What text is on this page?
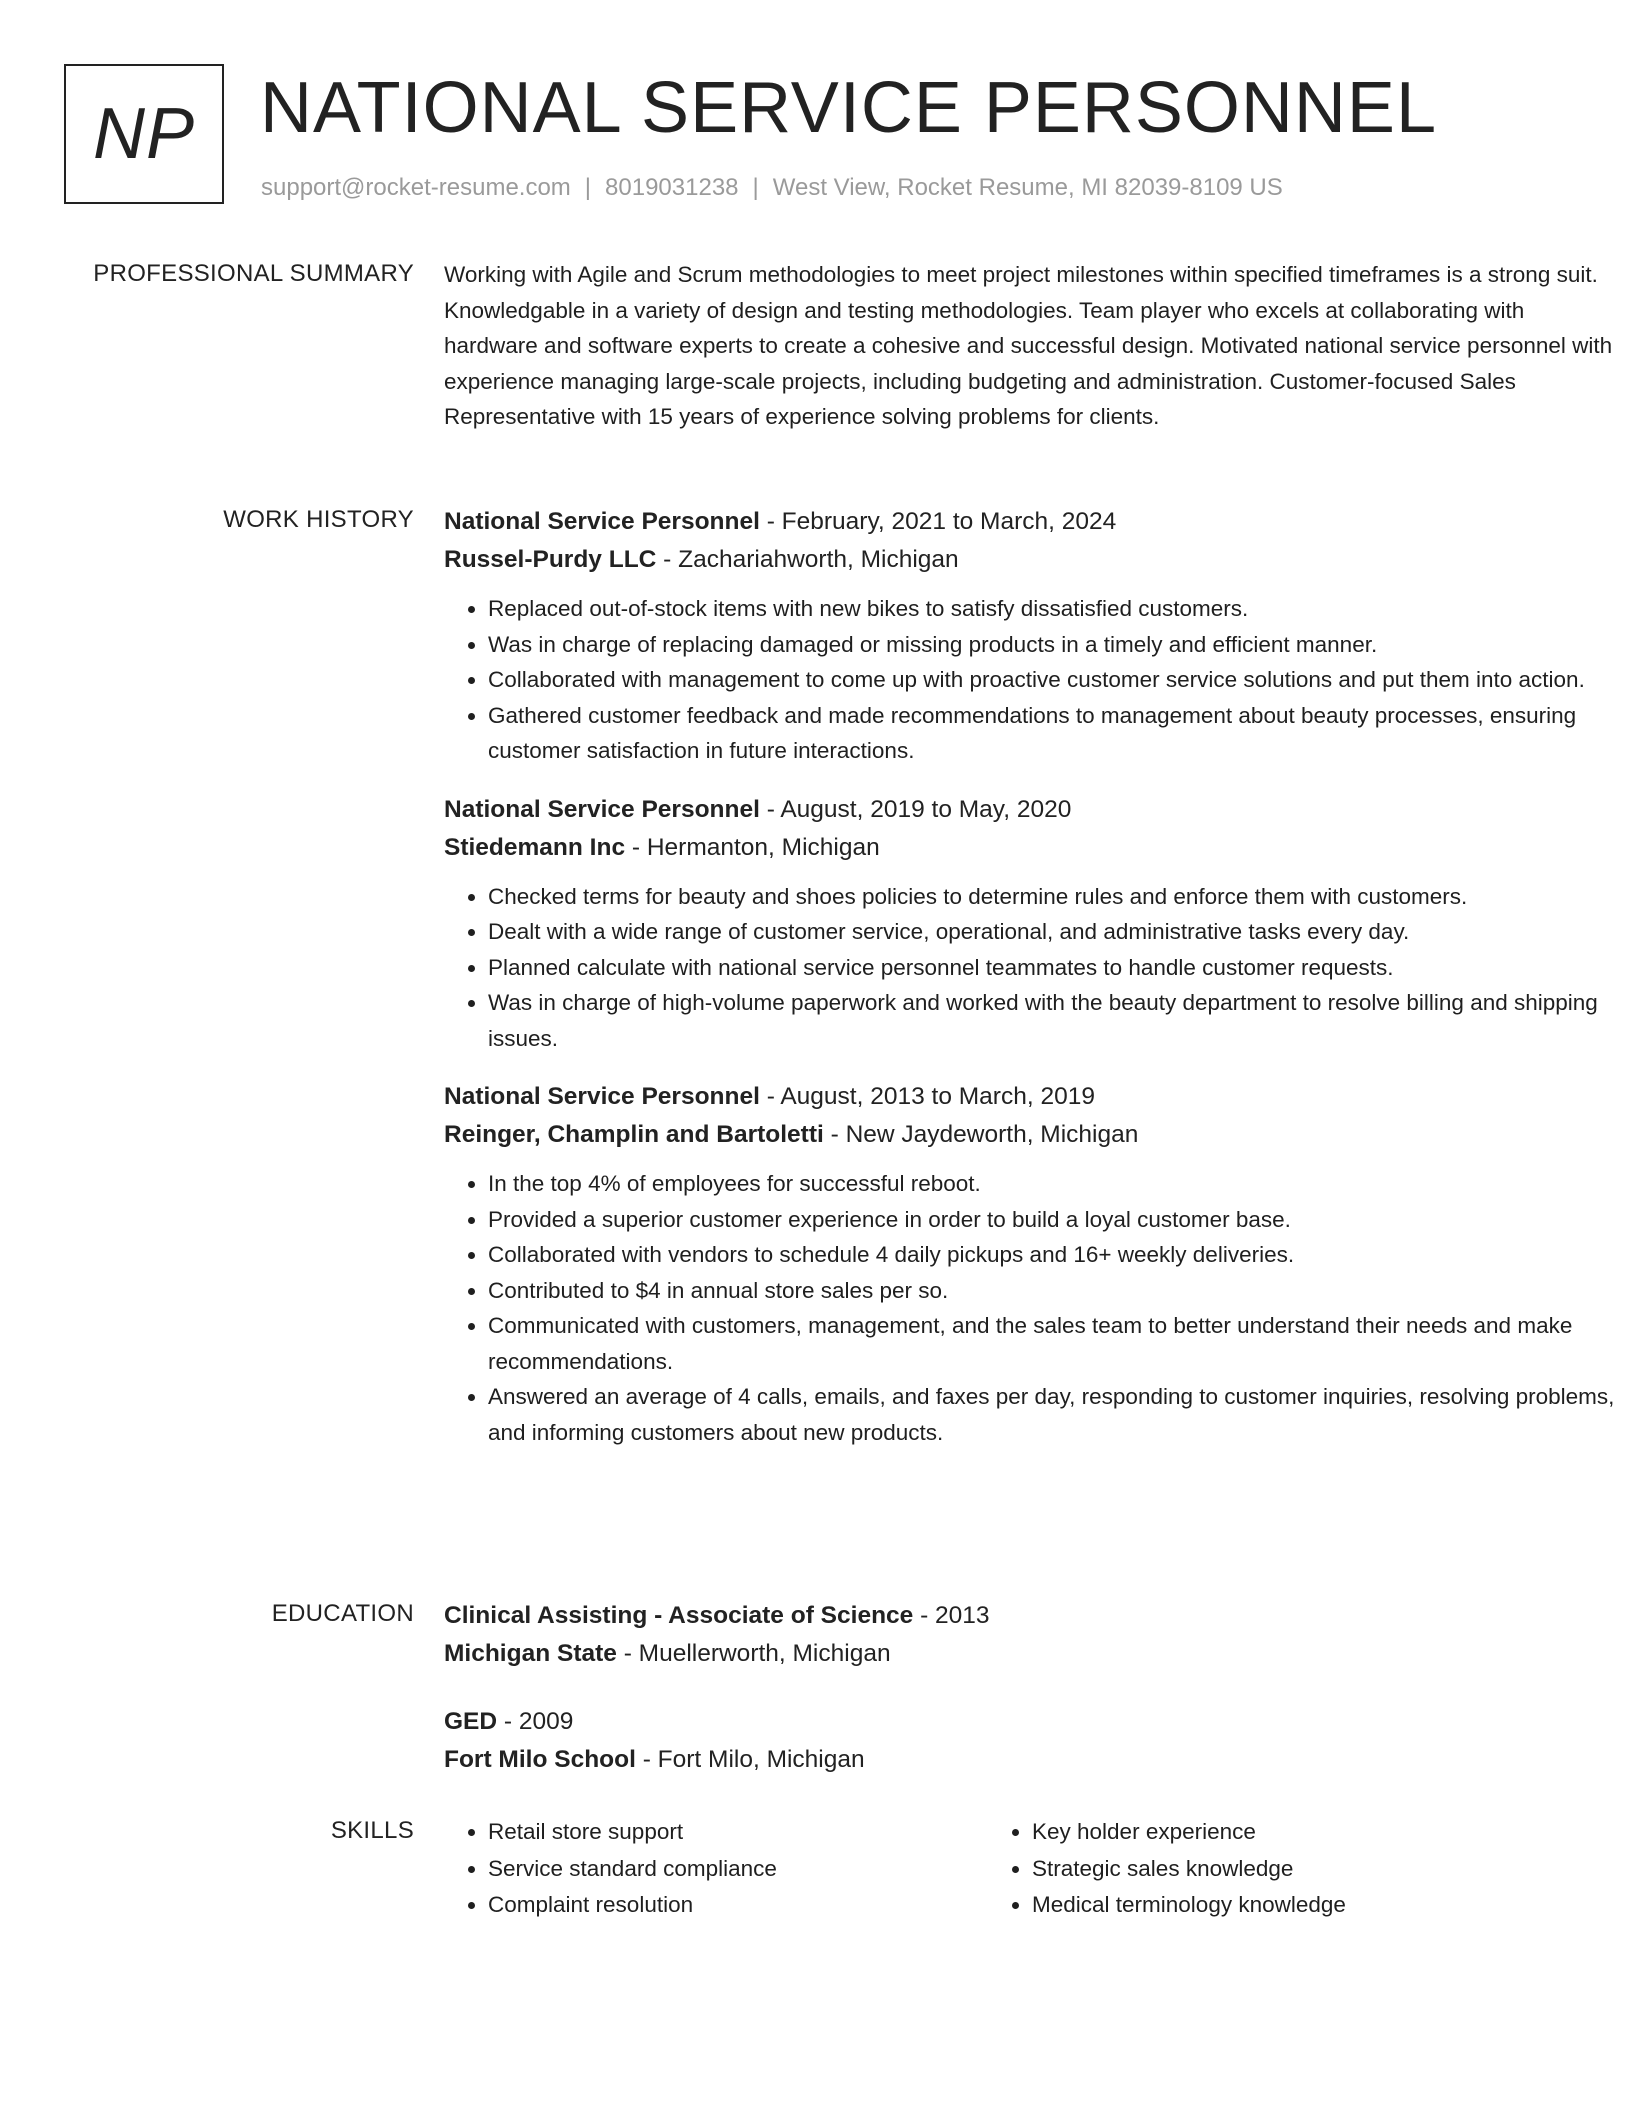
NP NATIONAL SERVICE PERSONNEL
support@rocket-resume.com | 8019031238 | West View, Rocket Resume, MI 82039-8109 US
PROFESSIONAL SUMMARY Working with Agile and Scrum methodologies to meet project milestones within specified timeframes is a strong suit. Knowledgable in a variety of design and testing methodologies. Team player who excels at collaborating with hardware and software experts to create a cohesive and successful design. Motivated national service personnel with experience managing large-scale projects, including budgeting and administration. Customer-focused Sales Representative with 15 years of experience solving problems for clients.

WORK HISTORY National Service Personnel - February, 2021 to March, 2024
Russel-Purdy LLC - Zachariahworth, Michigan
• Replaced out-of-stock items with new bikes to satisfy dissatisfied customers.
• Was in charge of replacing damaged or missing products in a timely and efficient manner.
• Collaborated with management to come up with proactive customer service solutions and put them into action.
• Gathered customer feedback and made recommendations to management about beauty processes, ensuring customer satisfaction in future interactions.
National Service Personnel - August, 2019 to May, 2020
Stiedemann Inc - Hermanton, Michigan
• Checked terms for beauty and shoes policies to determine rules and enforce them with customers.
• Dealt with a wide range of customer service, operational, and administrative tasks every day.
• Planned calculate with national service personnel teammates to handle customer requests.
• Was in charge of high-volume paperwork and worked with the beauty department to resolve billing and shipping issues.
National Service Personnel - August, 2013 to March, 2019
Reinger, Champlin and Bartoletti - New Jaydeworth, Michigan
• In the top 4% of employees for successful reboot.
• Provided a superior customer experience in order to build a loyal customer base.
• Collaborated with vendors to schedule 4 daily pickups and 16+ weekly deliveries.
• Contributed to $4 in annual store sales per so.
• Communicated with customers, management, and the sales team to better understand their needs and make recommendations.
• Answered an average of 4 calls, emails, and faxes per day, responding to customer inquiries, resolving problems, and informing customers about new products.
EDUCATION Clinical Assisting - Associate of Science - 2013
Michigan State - Muellerworth, Michigan
GED - 2009
Fort Milo School - Fort Milo, Michigan
SKILLS
•	Retail store support
• Service standard compliance
• Complaint resolution
• Key holder experience
• Strategic sales knowledge
• Medical terminology knowledge
